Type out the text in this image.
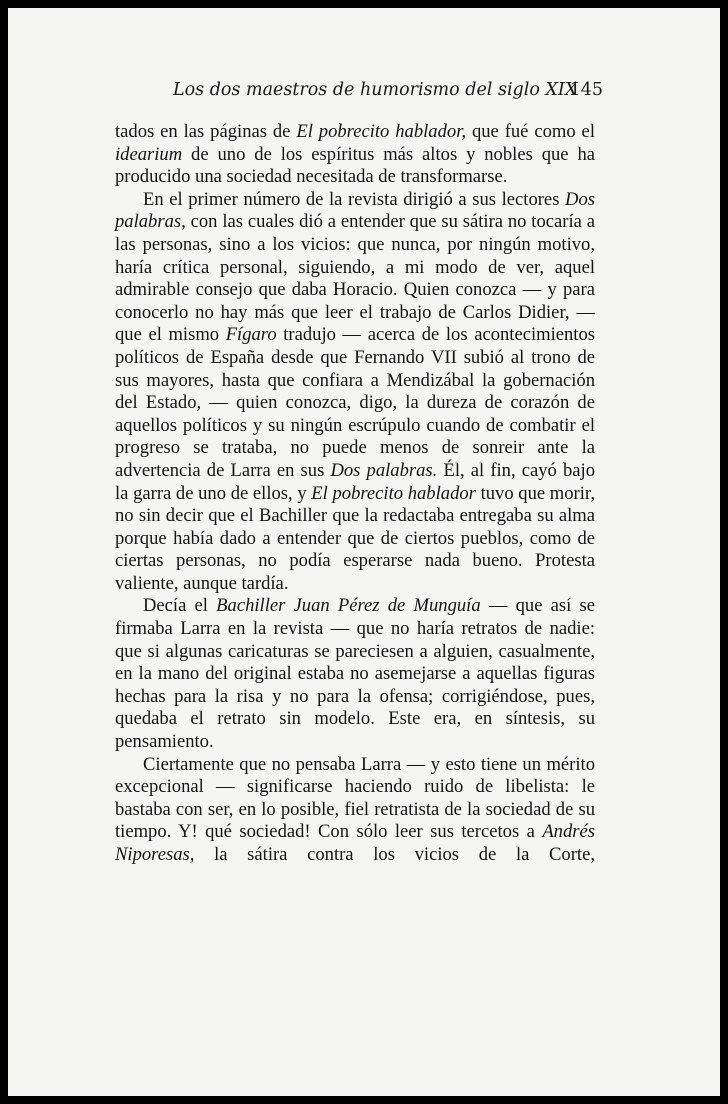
Los dos maestros de humorismo del siglo XIX
145

tados en las páginas de El pobrecito hablador, que fué como el idearium de uno de los espíritus más altos y nobles que ha producido una sociedad necesitada de transformarse.

En el primer número de la revista dirigió a sus lectores Dos palabras, con las cuales dió a entender que su sátira no tocaría a las personas, sino a los vicios: que nunca, por ningún motivo, haría crítica personal, siguiendo, a mi modo de ver, aquel admirable consejo que daba Horacio. Quien conozca — y para conocerlo no hay más que leer el trabajo de Carlos Didier, — que el mismo Fígaro tradujo — acerca de los acontecimientos políticos de España desde que Fernando VII subió al trono de sus mayores, hasta que confiara a Mendizábal la gobernación del Estado, — quien conozca, digo, la dureza de corazón de aquellos políticos y su ningún escrúpulo cuando de combatir el progreso se trataba, no puede menos de sonreir ante la advertencia de Larra en sus Dos palabras. Él, al fin, cayó bajo la garra de uno de ellos, y El pobrecito hablador tuvo que morir, no sin decir que el Bachiller que la redactaba entregaba su alma porque había dado a entender que de ciertos pueblos, como de ciertas personas, no podía esperarse nada bueno. Protesta valiente, aunque tardía.

Decía el Bachiller Juan Pérez de Munguía — que así se firmaba Larra en la revista — que no haría retratos de nadie: que si algunas caricaturas se pareciesen a alguien, casualmente, en la mano del original estaba no asemejarse a aquellas figuras hechas para la risa y no para la ofensa; corrigiéndose, pues, quedaba el retrato sin modelo. Este era, en síntesis, su pensamiento.

Ciertamente que no pensaba Larra — y esto tiene un mérito excepcional — significarse haciendo ruido de libelista: le bastaba con ser, en lo posible, fiel retratista de la sociedad de su tiempo. Y! qué sociedad! Con sólo leer sus tercetos a Andrés Niporesas, la sátira contra los vicios de la Corte,
